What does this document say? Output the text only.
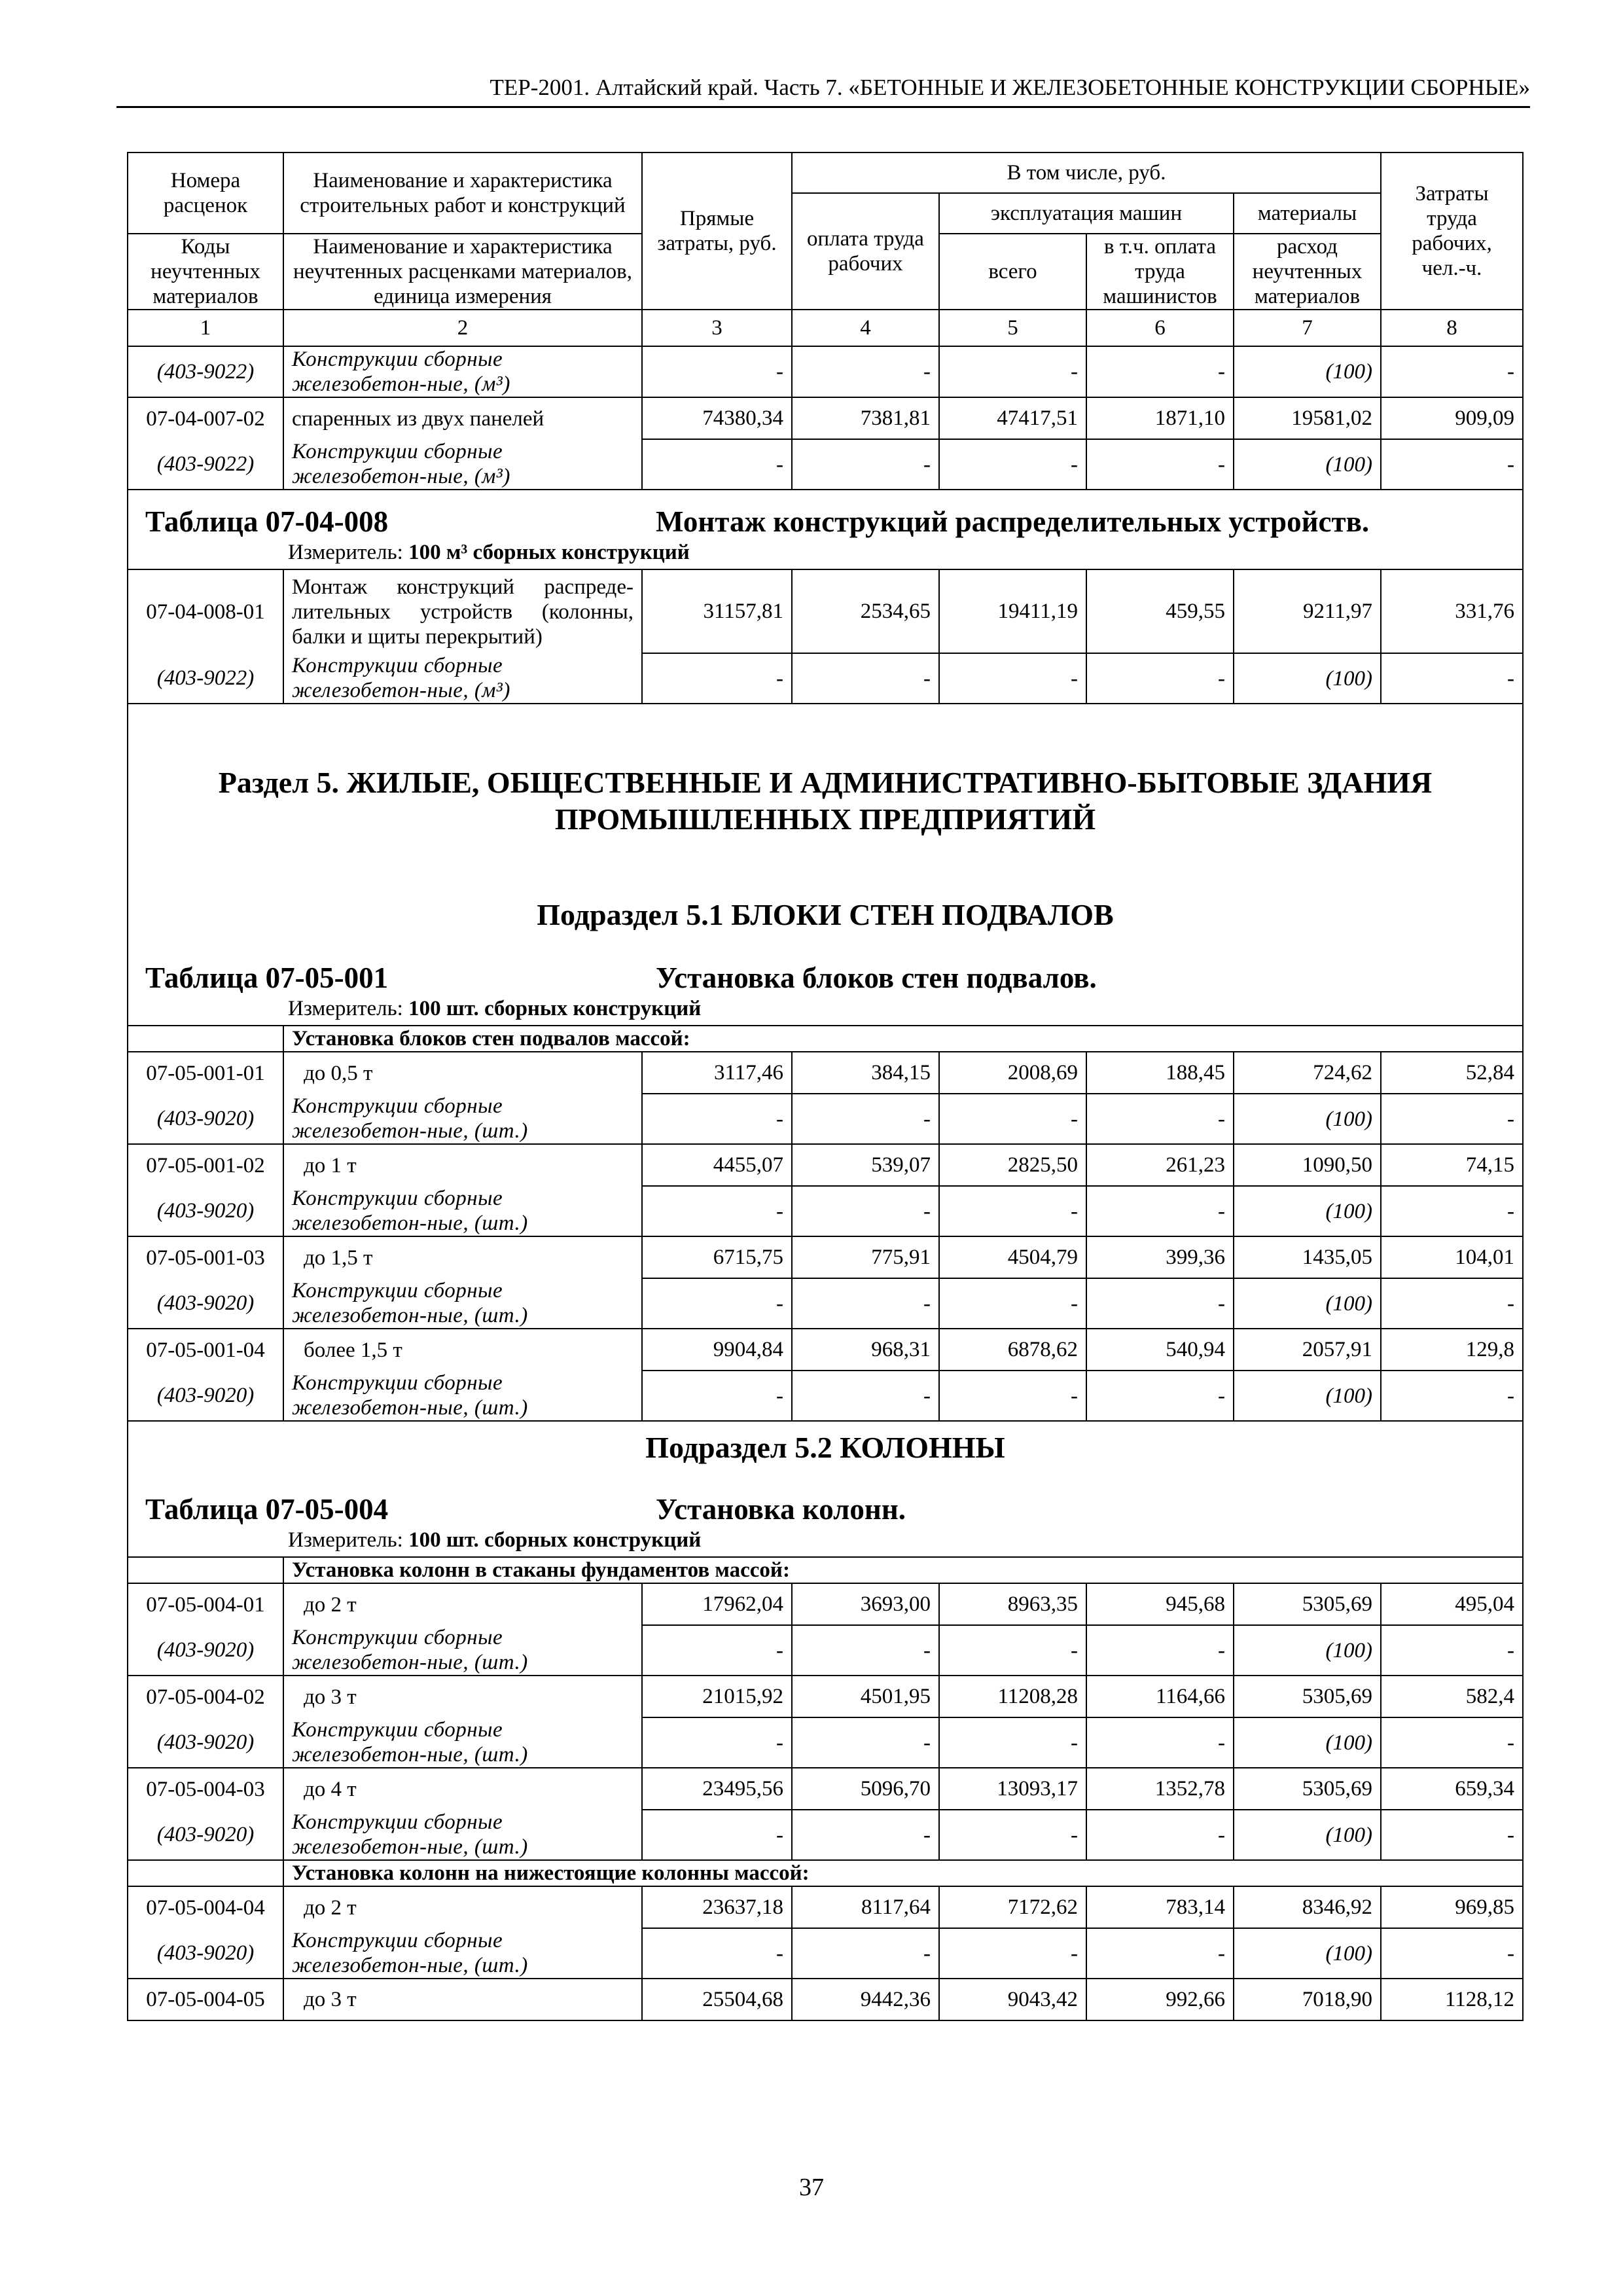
ТЕР-2001. Алтайский край. Часть 7. «БЕТОННЫЕ И ЖЕЛЕЗОБЕТОННЫЕ КОНСТРУКЦИИ СБОРНЫЕ»
Номера расценок	Наименование и характеристика строительных работ и конструкций	Прямые затраты, руб.	В том числе, руб.				Затраты труда рабочих, чел.-ч.
			оплата труда рабочих	эксплуатация машин		материалы	
Коды неучтенных материалов	Наименование и характеристика неучтенных расценками материалов, единица измерения			всего	в т.ч. оплата труда машинистов	расход неучтенных материалов	
1	2	3	4	5	6	7	8
(403-9022)	Конструкции сборные железобетон-ные, (м³)	-	-	-	-	(100)	-
07-04-007-02	спаренных из двух панелей	74380,34	7381,81	47417,51	1871,10	19581,02	909,09
(403-9022)	Конструкции сборные железобетон-ные, (м³)	-	-	-	-	(100)	-

Таблица 07-04-008 Монтаж конструкций распределительных устройств.
Измеритель: 100 м³ сборных конструкций							

07-04-008-01	Монтаж конструкций распреде-лительных устройств (колонны, балки и щиты перекрытий)	31157,81	2534,65	19411,19	459,55	9211,97	331,76
(403-9022)	Конструкции сборные железобетон-ные, (м³)	-	-	-	-	(100)	-

Раздел 5. ЖИЛЫЕ, ОБЩЕСТВЕННЫЕ И АДМИНИСТРАТИВНО-БЫТОВЫЕ ЗДАНИЯ ПРОМЫШЛЕННЫХ ПРЕДПРИЯТИЙ
Подраздел 5.1 БЛОКИ СТЕН ПОДВАЛОВ
Таблица 07-05-001 Установка блоков стен подвалов.
Измеритель: 100 шт. сборных конструкций							

	Установка блоков стен подвалов массой:						
07-05-001-01	до 0,5 т	3117,46	384,15	2008,69	188,45	724,62	52,84
(403-9020)	Конструкции сборные железобетон-ные, (шт.)	-	-	-	-	(100)	-
07-05-001-02	до 1 т	4455,07	539,07	2825,50	261,23	1090,50	74,15
(403-9020)	Конструкции сборные железобетон-ные, (шт.)	-	-	-	-	(100)	-
07-05-001-03	до 1,5 т	6715,75	775,91	4504,79	399,36	1435,05	104,01
(403-9020)	Конструкции сборные железобетон-ные, (шт.)	-	-	-	-	(100)	-
07-05-001-04	более 1,5 т	9904,84	968,31	6878,62	540,94	2057,91	129,8
(403-9020)	Конструкции сборные железобетон-ные, (шт.)	-	-	-	-	(100)	-

Подраздел 5.2 КОЛОННЫ
Таблица 07-05-004 Установка колонн.
Измеритель: 100 шт. сборных конструкций							

	Установка колонн в стаканы фундаментов массой:						
07-05-004-01	до 2 т	17962,04	3693,00	8963,35	945,68	5305,69	495,04
(403-9020)	Конструкции сборные железобетон-ные, (шт.)	-	-	-	-	(100)	-
07-05-004-02	до 3 т	21015,92	4501,95	11208,28	1164,66	5305,69	582,4
(403-9020)	Конструкции сборные железобетон-ные, (шт.)	-	-	-	-	(100)	-
07-05-004-03	до 4 т	23495,56	5096,70	13093,17	1352,78	5305,69	659,34
(403-9020)	Конструкции сборные железобетон-ные, (шт.)	-	-	-	-	(100)	-
	Установка колонн на нижестоящие колонны массой:						
07-05-004-04	до 2 т	23637,18	8117,64	7172,62	783,14	8346,92	969,85
(403-9020)	Конструкции сборные железобетон-ные, (шт.)	-	-	-	-	(100)	-
07-05-004-05	до 3 т	25504,68	9442,36	9043,42	992,66	7018,90	1128,12
37
